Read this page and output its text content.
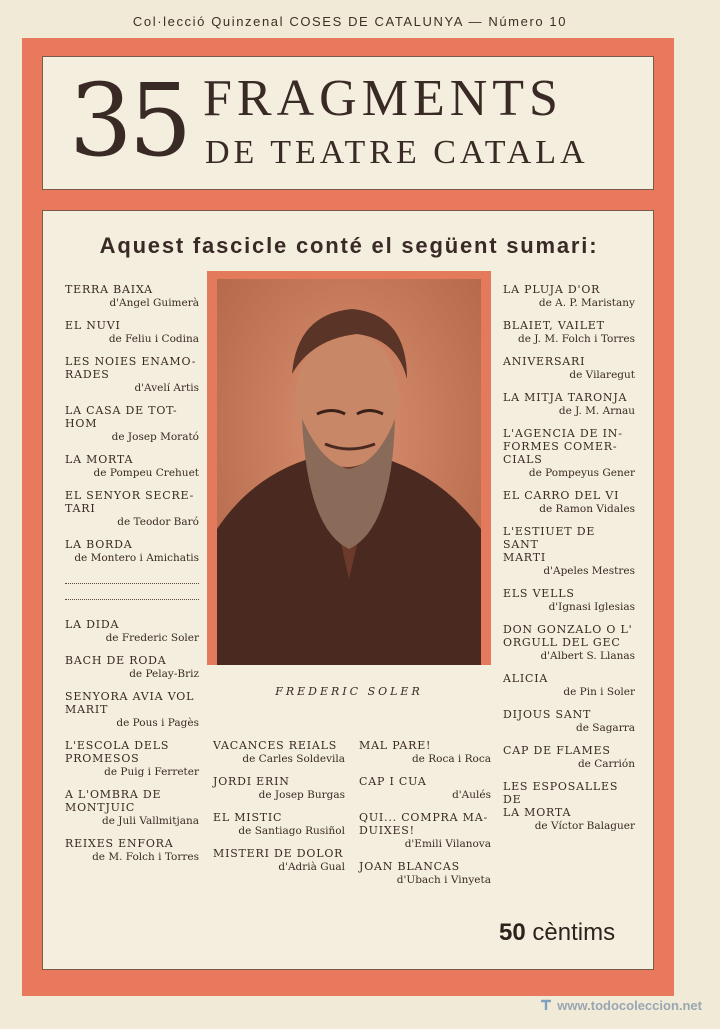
Col·lecció Quinzenal COSES DE CATALUNYA — Número 10
35 FRAGMENTS
DE TEATRE CATALA
Aquest fascicle conté el següent sumari:
TERRA BAIXA
d'Angel Guimerà
EL NUVI
de Feliu i Codina
LES NOIES ENAMO-
RADES
d'Avelí Artis
LA CASA DE TOT-
HOM
de Josep Morató
LA MORTA
de Pompeu Crehuet
EL SENYOR SECRE-
TARI
de Teodor Baró
LA BORDA
de Montero i Amichatis
LA DIDA
de Frederic Soler
BACH DE RODA
de Pelay-Briz
SENYORA AVIA VOL
MARIT
de Pous i Pagès
L'ESCOLA DELS
PROMESOS
de Puig i Ferreter
A L'OMBRA DE
MONTJUIC
de Juli Vallmitjana
REIXES ENFORA
de M. Folch i Torres
LA PLUJA D'OR
de A. P. Maristany
BLAIET, VAILET
de J. M. Folch i Torres
ANIVERSARI
de Vilaregut
LA MITJA TARONJA
de J. M. Arnau
L'AGENCIA DE IN-
FORMES COMER-
CIALS
de Pompeyus Gener
EL CARRO DEL VI
de Ramon Vidales
L'ESTIUET DE SANT
MARTI
d'Apeles Mestres
ELS VELLS
d'Ignasi Iglesias
DON GONZALO O L'
ORGULL DEL GEC
d'Albert S. Llanas
ALICIA
de Pin i Soler
DIJOUS SANT
de Sagarra
CAP DE FLAMES
de Carrión
LES ESPOSALLES DE
LA MORTA
de Víctor Balaguer
VACANCES REIALS
de Carles Soldevila
JORDI ERIN
de Josep Burgas
EL MISTIC
de Santiago Rusiñol
MISTERI DE DOLOR
d'Adrià Gual
MAL PARE!
de Roca i Roca
CAP I CUA
d'Aulés
QUI... COMPRA MA-
DUIXES!
d'Emili Vilanova
JOAN BLANCAS
d'Ubach i Vinyeta
FREDERIC SOLER
50 cèntims
www.todocoleccion.net
